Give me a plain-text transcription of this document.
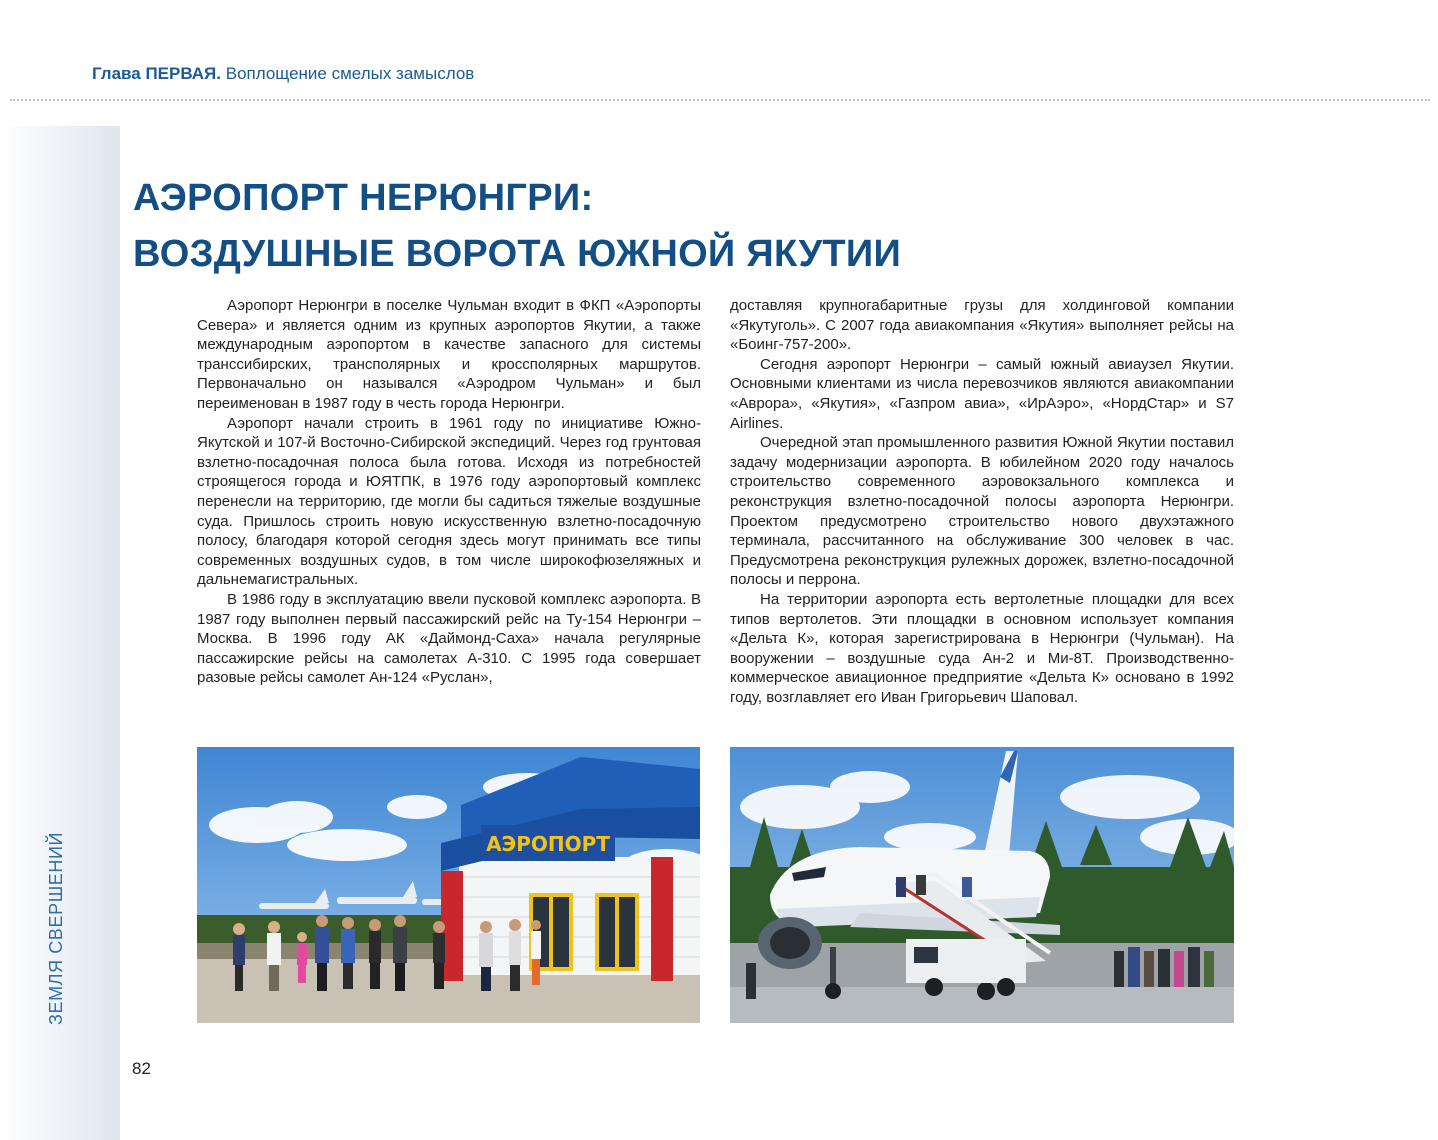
Глава ПЕРВАЯ. Воплощение смелых замыслов
АЭРОПОРТ НЕРЮНГРИ:
ВОЗДУШНЫЕ ВОРОТА ЮЖНОЙ ЯКУТИИ

Аэропорт Нерюнгри в поселке Чульман входит в ФКП «Аэропорты Севера» и является одним из крупных аэропортов Якутии, а также международным аэропортом в качестве запасного для системы транссибирских, трансполярных и кроссполярных маршрутов. Первоначально он назывался «Аэродром Чульман» и был переименован в 1987 году в честь города Нерюнгри.

Аэропорт начали строить в 1961 году по инициативе Южно-Якутской и 107-й Восточно-Сибирской экспедиций. Через год грунтовая взлетно-посадочная полоса была готова. Исходя из потребностей строящегося города и ЮЯТПК, в 1976 году аэропортовый комплекс перенесли на территорию, где могли бы садиться тяжелые воздушные суда. Пришлось строить новую искусственную взлетно-посадочную полосу, благодаря которой сегодня здесь могут принимать все типы современных воздушных судов, в том числе широкофюзеляжных и дальнемагистральных.

В 1986 году в эксплуатацию ввели пусковой комплекс аэропорта. В 1987 году выполнен первый пассажирский рейс на Ту-154 Нерюнгри – Москва. В 1996 году АК «Даймонд-Саха» начала регулярные пассажирские рейсы на самолетах А-310. С 1995 года совершает разовые рейсы самолет Ан-124 «Руслан»,

доставляя крупногабаритные грузы для холдинговой компании «Якутуголь». С 2007 года авиакомпания «Якутия» выполняет рейсы на «Боинг-757-200».

Сегодня аэропорт Нерюнгри – самый южный авиаузел Якутии. Основными клиентами из числа перевозчиков являются авиакомпании «Аврора», «Якутия», «Газпром авиа», «ИрАэро», «НордСтар» и S7 Airlines.

Очередной этап промышленного развития Южной Якутии поставил задачу модернизации аэропорта. В юбилейном 2020 году началось строительство современного аэровокзального комплекса и реконструкция взлетно-посадочной полосы аэропорта Нерюнгри. Проектом предусмотрено строительство нового двухэтажного терминала, рассчитанного на обслуживание 300 человек в час. Предусмотрена реконструкция рулежных дорожек, взлетно-посадочной полосы и перрона.

На территории аэропорта есть вертолетные площадки для всех типов вертолетов. Эти площадки в основном использует компания «Дельта К», которая зарегистрирована в Нерюнгри (Чульман). На вооружении – воздушные суда Ан-2 и Ми-8Т. Производственно-коммерческое авиационное предприятие «Дельта К» основано в 1992 году, возглавляет его Иван Григорьевич Шаповал.

АЭРОПОРТ
ЗЕМЛЯ СВЕРШЕНИЙ
82
